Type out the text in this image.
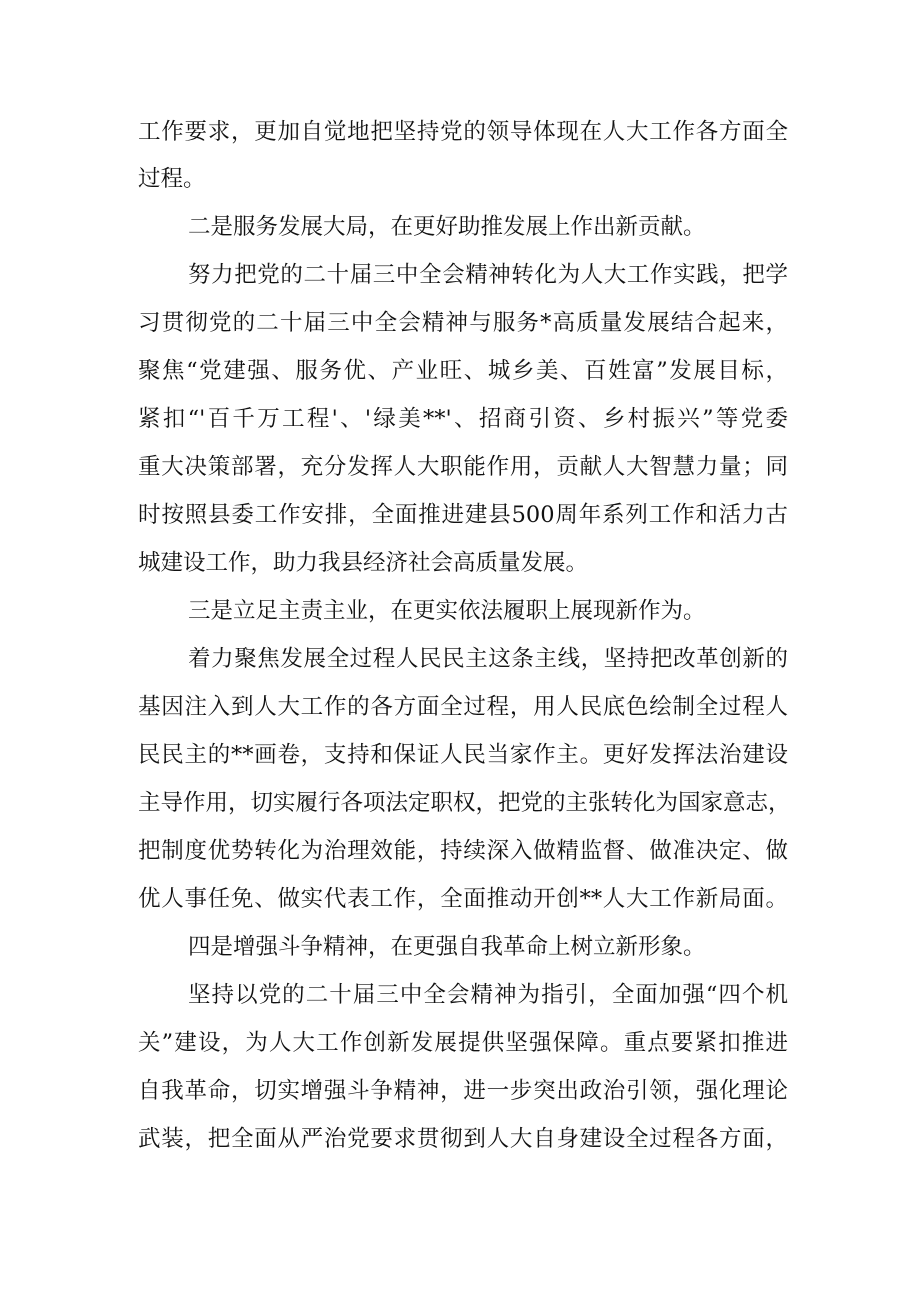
工作要求，更加自觉地把坚持党的领导体现在人大工作各方面全
过程。
二是服务发展大局，在更好助推发展上作出新贡献。
努力把党的二十届三中全会精神转化为人大工作实践，把学
习贯彻党的二十届三中全会精神与服务*高质量发展结合起来，
聚焦“党建强、服务优、产业旺、城乡美、百姓富”发展目标，
紧扣“'百千万工程'、'绿美**'、招商引资、乡村振兴”等党委
重大决策部署，充分发挥人大职能作用，贡献人大智慧力量；同
时按照县委工作安排，全面推进建县500周年系列工作和活力古
城建设工作，助力我县经济社会高质量发展。
三是立足主责主业，在更实依法履职上展现新作为。
着力聚焦发展全过程人民民主这条主线，坚持把改革创新的
基因注入到人大工作的各方面全过程，用人民底色绘制全过程人
民民主的**画卷，支持和保证人民当家作主。更好发挥法治建设
主导作用，切实履行各项法定职权，把党的主张转化为国家意志，
把制度优势转化为治理效能，持续深入做精监督、做准决定、做
优人事任免、做实代表工作，全面推动开创**人大工作新局面。
四是增强斗争精神，在更强自我革命上树立新形象。
坚持以党的二十届三中全会精神为指引，全面加强“四个机
关”建设，为人大工作创新发展提供坚强保障。重点要紧扣推进
自我革命，切实增强斗争精神，进一步突出政治引领，强化理论
武装，把全面从严治党要求贯彻到人大自身建设全过程各方面，
